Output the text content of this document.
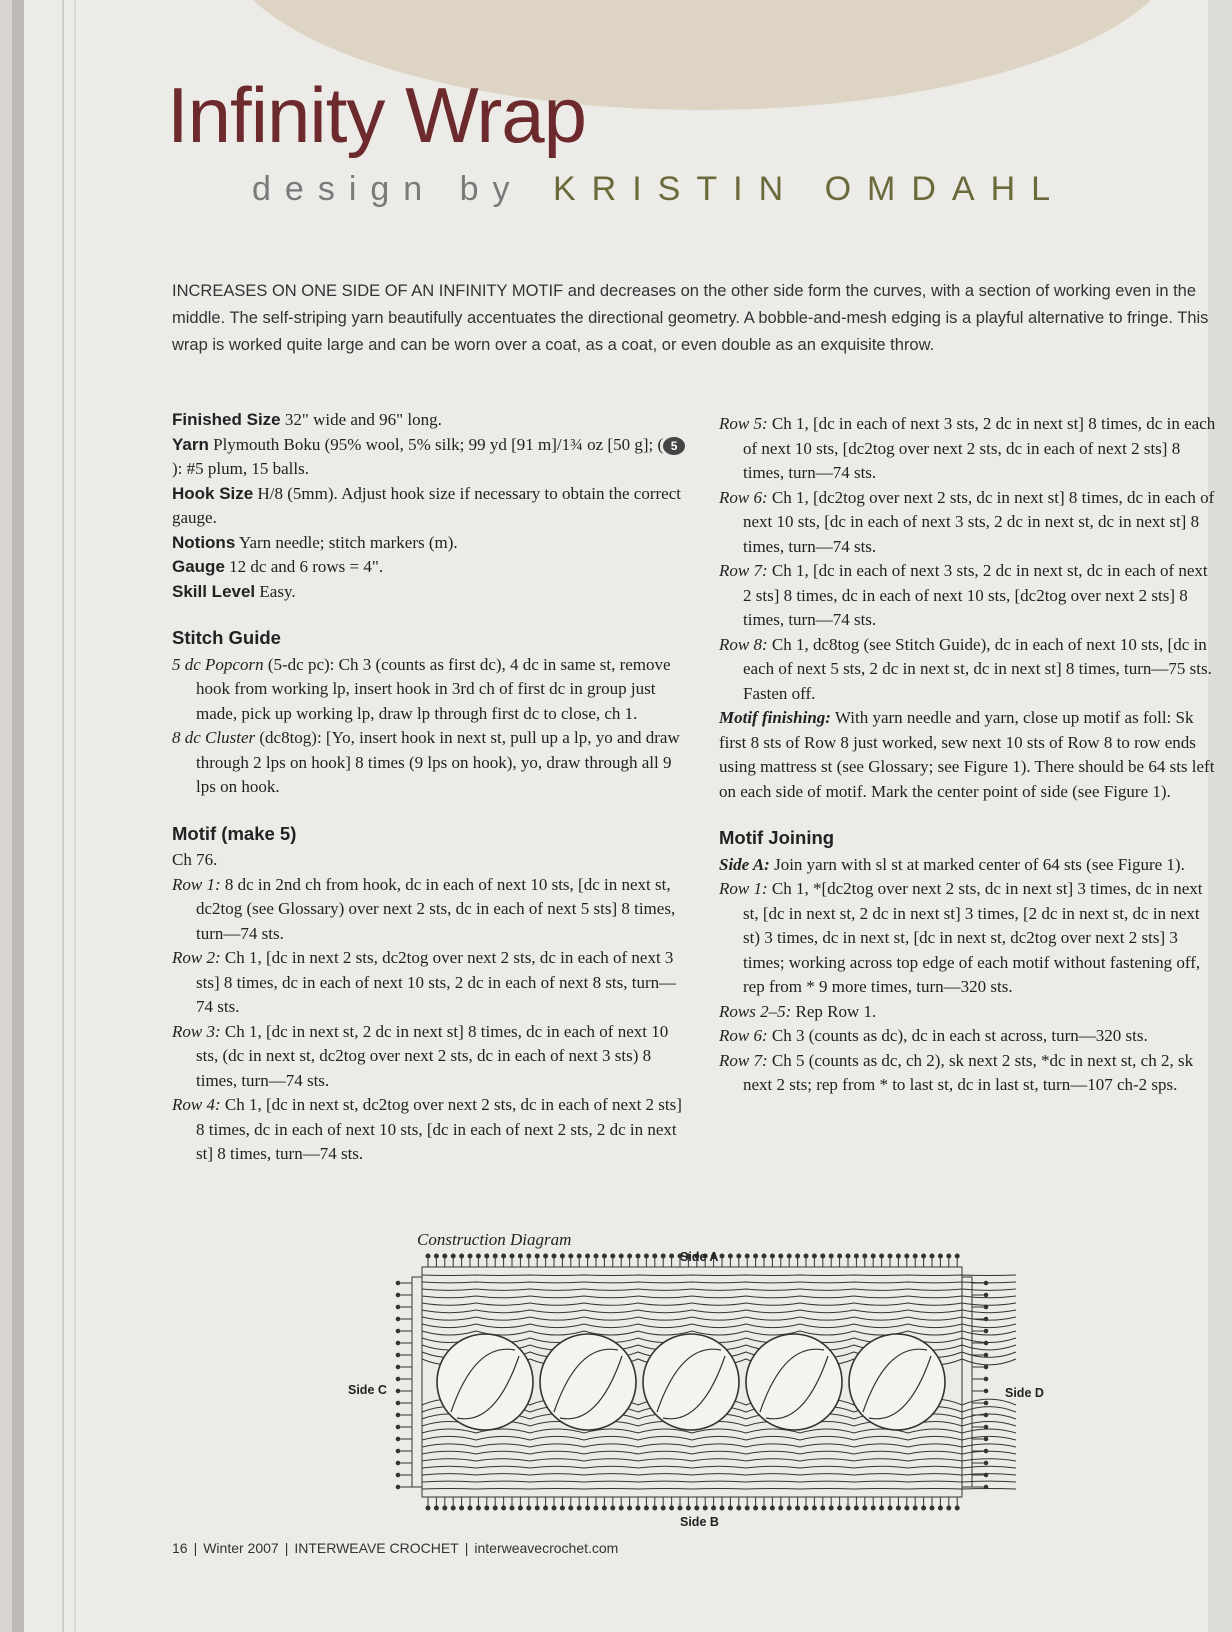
Infinity Wrap
design by KRISTIN OMDAHL
INCREASES ON ONE SIDE OF AN INFINITY MOTIF and decreases on the other side form the curves, with a section of working even in the middle. The self-striping yarn beautifully accentuates the directional geometry. A bobble-and-mesh edging is a playful alternative to fringe. This wrap is worked quite large and can be worn over a coat, as a coat, or even double as an exquisite throw.

Finished Size 32" wide and 96" long.

Yarn Plymouth Boku (95% wool, 5% silk; 99 yd [91 m]/1¾ oz [50 g]; ( 5): #5 plum, 15 balls.

Hook Size H/8 (5mm). Adjust hook size if necessary to obtain the correct gauge.

Notions Yarn needle; stitch markers (m).

Gauge 12 dc and 6 rows = 4".

Skill Level Easy.

Stitch Guide

5 dc Popcorn (5-dc pc): Ch 3 (counts as first dc), 4 dc in same st, remove hook from working lp, insert hook in 3rd ch of first dc in group just made, pick up working lp, draw lp through first dc to close, ch 1.

8 dc Cluster (dc8tog): [Yo, insert hook in next st, pull up a lp, yo and draw through 2 lps on hook] 8 times (9 lps on hook), yo, draw through all 9 lps on hook.

Motif (make 5)

Ch 76.

Row 1: 8 dc in 2nd ch from hook, dc in each of next 10 sts, [dc in next st, dc2tog (see Glossary) over next 2 sts, dc in each of next 5 sts] 8 times, turn—74 sts.

Row 2: Ch 1, [dc in next 2 sts, dc2tog over next 2 sts, dc in each of next 3 sts] 8 times, dc in each of next 10 sts, 2 dc in each of next 8 sts, turn—74 sts.

Row 3: Ch 1, [dc in next st, 2 dc in next st] 8 times, dc in each of next 10 sts, (dc in next st, dc2tog over next 2 sts, dc in each of next 3 sts) 8 times, turn—74 sts.

Row 4: Ch 1, [dc in next st, dc2tog over next 2 sts, dc in each of next 2 sts] 8 times, dc in each of next 10 sts, [dc in each of next 2 sts, 2 dc in next st] 8 times, turn—74 sts.

Row 5: Ch 1, [dc in each of next 3 sts, 2 dc in next st] 8 times, dc in each of next 10 sts, [dc2tog over next 2 sts, dc in each of next 2 sts] 8 times, turn—74 sts.

Row 6: Ch 1, [dc2tog over next 2 sts, dc in next st] 8 times, dc in each of next 10 sts, [dc in each of next 3 sts, 2 dc in next st, dc in next st] 8 times, turn—74 sts.

Row 7: Ch 1, [dc in each of next 3 sts, 2 dc in next st, dc in each of next 2 sts] 8 times, dc in each of next 10 sts, [dc2tog over next 2 sts] 8 times, turn—74 sts.

Row 8: Ch 1, dc8tog (see Stitch Guide), dc in each of next 10 sts, [dc in each of next 5 sts, 2 dc in next st, dc in next st] 8 times, turn—75 sts. Fasten off.

Motif finishing: With yarn needle and yarn, close up motif as foll: Sk first 8 sts of Row 8 just worked, sew next 10 sts of Row 8 to row ends using mattress st (see Glossary; see Figure 1). There should be 64 sts left on each side of motif. Mark the center point of side (see Figure 1).

Motif Joining

Side A: Join yarn with sl st at marked center of 64 sts (see Figure 1).

Row 1: Ch 1, *[dc2tog over next 2 sts, dc in next st] 3 times, dc in next st, [dc in next st, 2 dc in next st] 3 times, [2 dc in next st, dc in next st) 3 times, dc in next st, [dc in next st, dc2tog over next 2 sts] 3 times; working across top edge of each motif without fastening off, rep from * 9 more times, turn—320 sts.

Rows 2–5: Rep Row 1.

Row 6: Ch 3 (counts as dc), dc in each st across, turn—320 sts.

Row 7: Ch 5 (counts as dc, ch 2), sk next 2 sts, *dc in next st, ch 2, sk next 2 sts; rep from * to last st, dc in last st, turn—107 ch-2 sps.

Construction Diagram
Side A
Side B
Side C	Side D
16 | Winter 2007 | INTERWEAVE CROCHET | interweavecrochet.com
